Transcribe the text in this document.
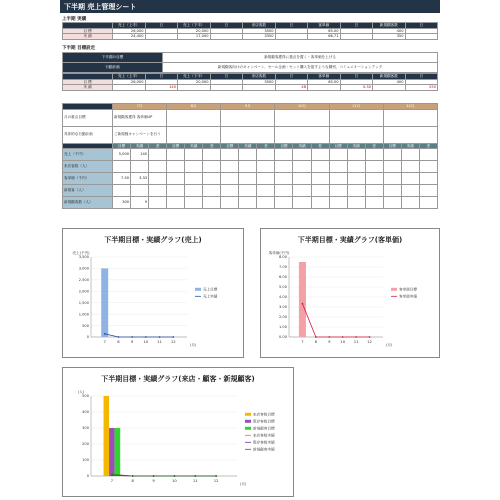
下半期 売上管理シート
上半期 実績
	売上（上半）	日	売上（下半）	日	来店客数	日	客単価	日	新規顧客数	日
目 標	26,000		20,000		3500		65.00		400	
実 績	24,400		17,000		3350		66.71		350	
下半期 目標設定
下半期の目標	新規顧客獲得に重点を置く・客単価を上げる
行動計画	新規顧客向けのキャンペーン、セール企画・セット購入を促すような陳列、コミュニケーションアップ
	売上（上半）	日	売上（下半）	日	来店客数	日	客単価	日	新規顧客数	日
目 標	26,000		20,000		3500		65.00		400	
実 績		140				48		0.30		250
	7月			8月			9月			10月			11月			12月		
月の重点目標	新規顧客獲得 客単価UP																	
具体的な行動計画	ご新規様キャンペーンを行う																	
	目標	実績	差	目標	実績	差	目標	実績	差	目標	実績	差	目標	実績	差	目標	実績	差
売上（千円）	5,000	140																
来店客数（人）																		
客単価（千円）	7.50	3.33																
新規客（人）																		
新規顧客数（人）	300	9																
下半期目標・実績グラフ(売上)
0
500
1,000
1,500
2,000
2,500
3,000
3,500
売上(千円)
7	8	9	10 11 12
(月)
売上目標
売上実績
下半期目標・実績グラフ(客単価)
0.00
1.00
2.00
3.00
4.00
5.00
6.00
7.00
8.00
客単価(千円)
7	8	9	10 11 12
(月)
客単価目標
客単価実績
下半期目標・実績グラフ(来店・顧客・新規顧客)
0
100
200
300
400
500
(人)
7	8	9	10	11	12
(月)
来店客数目標
既存客数目標
新規顧客目標
来店客数実績
既存客数実績
新規顧客実績
